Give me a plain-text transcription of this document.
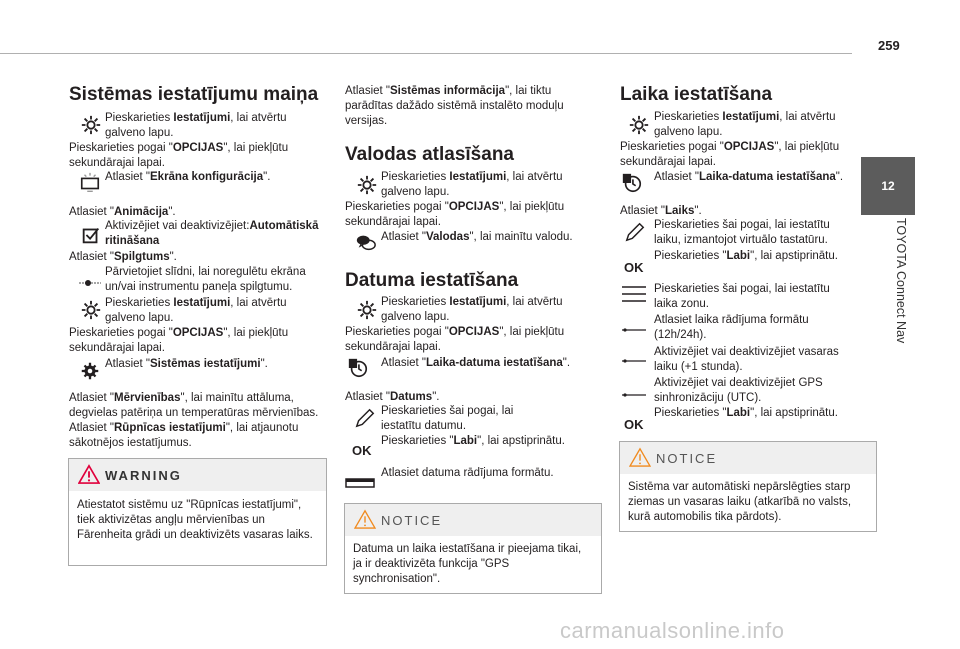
259
12
TOYOTA Connect Nav
Sistēmas iestatījumu maiņa
Pieskarieties Iestatījumi, lai atvērtu galveno lapu.
Pieskarieties pogai "OPCIJAS", lai piekļūtu sekundārajai lapai.
Atlasiet "Ekrāna konfigurācija".
Atlasiet "Animācija".
Aktivizējiet vai deaktivizējiet:Automātiskā ritināšana
Atlasiet "Spilgtums".
Pārvietojiet slīdni, lai noregulētu ekrāna un/vai instrumentu paneļa spilgtumu.
Pieskarieties Iestatījumi, lai atvērtu galveno lapu.
Pieskarieties pogai "OPCIJAS", lai piekļūtu sekundārajai lapai.
Atlasiet "Sistēmas iestatījumi".
Atlasiet "Mērvienības", lai mainītu attāluma, degvielas patēriņa un temperatūras mērvienības.
Atlasiet "Rūpnīcas iestatījumi", lai atjaunotu sākotnējos iestatījumus.
WARNING
Atiestatot sistēmu uz "Rūpnīcas iestatījumi", tiek aktivizētas angļu mērvienības un Fārenheita grādi un deaktivizēts vasaras laiks.
Atlasiet "Sistēmas informācija", lai tiktu parādītas dažādo sistēmā instalēto moduļu versijas.
Valodas atlasīšana
Pieskarieties Iestatījumi, lai atvērtu galveno lapu.
Pieskarieties pogai "OPCIJAS", lai piekļūtu sekundārajai lapai.
Atlasiet "Valodas", lai mainītu valodu.
Datuma iestatīšana
Pieskarieties Iestatījumi, lai atvērtu galveno lapu.
Pieskarieties pogai "OPCIJAS", lai piekļūtu sekundārajai lapai.
Atlasiet "Laika-datuma iestatīšana".
Atlasiet "Datums".
Pieskarieties šai pogai, lai iestatītu datumu.
OK
Pieskarieties "Labi", lai apstiprinātu.
Atlasiet datuma rādījuma formātu.
NOTICE
Datuma un laika iestatīšana ir pieejama tikai, ja ir deaktivizēta funkcija "GPS synchronisation".
Laika iestatīšana
Pieskarieties Iestatījumi, lai atvērtu galveno lapu.
Pieskarieties pogai "OPCIJAS", lai piekļūtu sekundārajai lapai.
Atlasiet "Laika-datuma iestatīšana".
Atlasiet "Laiks".
Pieskarieties šai pogai, lai iestatītu laiku, izmantojot virtuālo tastatūru.
OK
Pieskarieties "Labi", lai apstiprinātu.
Pieskarieties šai pogai, lai iestatītu laika zonu.
Atlasiet laika rādījuma formātu (12h/24h).
Aktivizējiet vai deaktivizējiet vasaras laiku (+1 stunda).
Aktivizējiet vai deaktivizējiet GPS sinhronizāciju (UTC).
OK
Pieskarieties "Labi", lai apstiprinātu.
NOTICE
Sistēma var automātiski nepārslēgties starp ziemas un vasaras laiku (atkarībā no valsts, kurā automobilis tika pārdots).
carmanualsonline.info
